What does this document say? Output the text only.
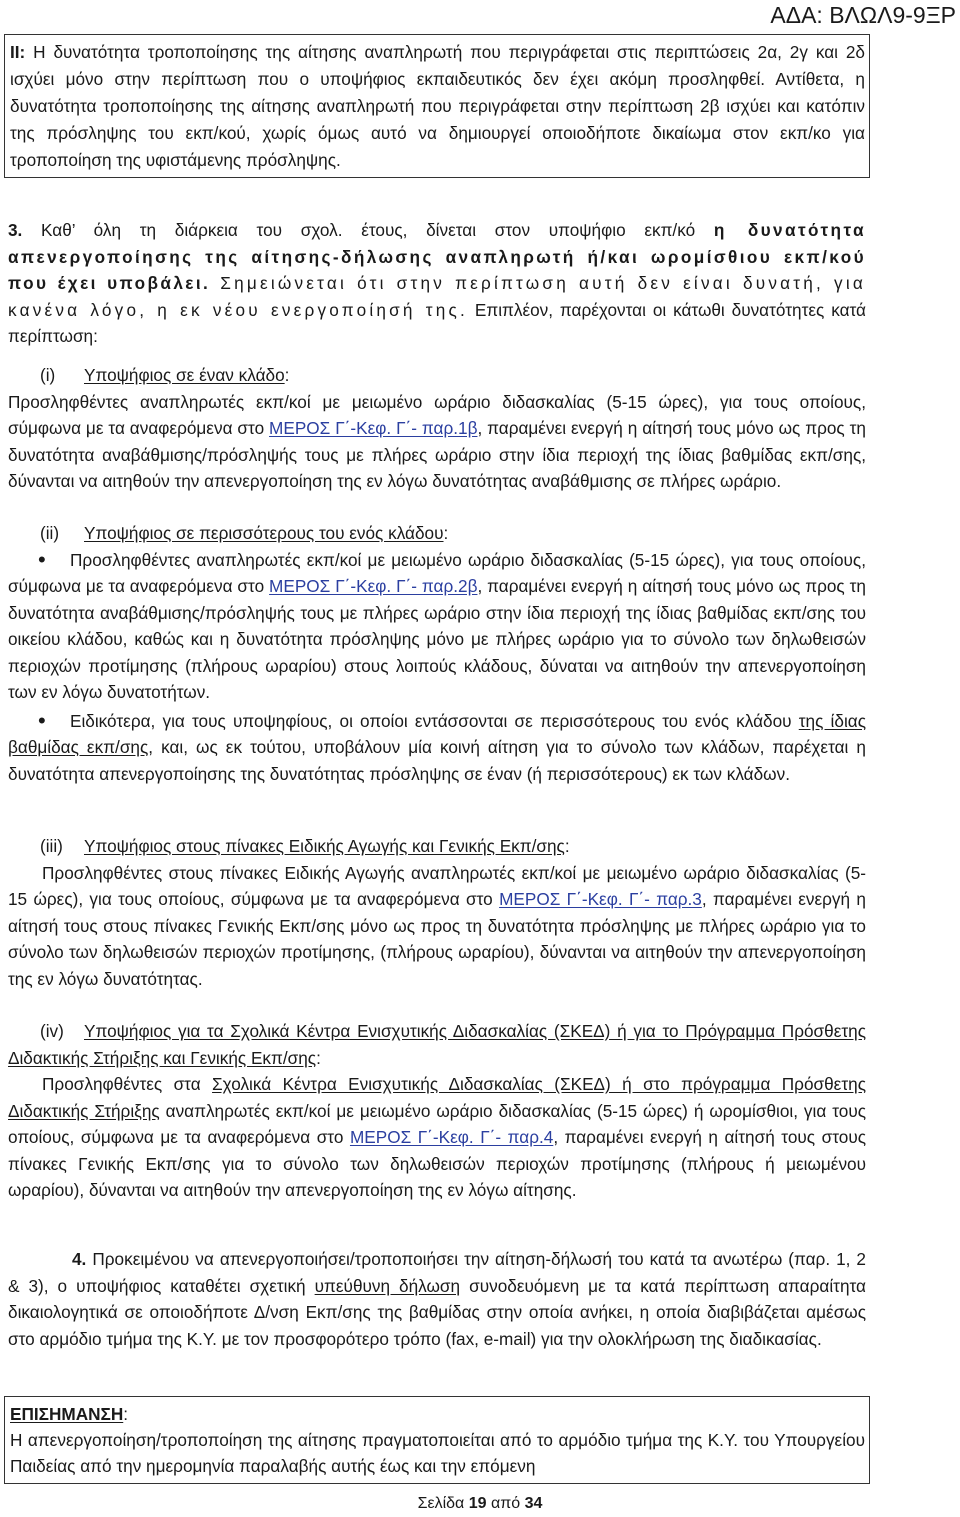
ΑΔΑ: ΒΛΩΛ9-9ΞΡ

ΙΙ: Η δυνατότητα τροποποίησης της αίτησης αναπληρωτή που περιγράφεται στις περιπτώσεις 2α, 2γ και 2δ ισχύει μόνο στην περίπτωση που ο υποψήφιος εκπαιδευτικός δεν έχει ακόμη προσληφθεί. Αντίθετα, η δυνατότητα τροποποίησης της αίτησης αναπληρωτή που περιγράφεται στην περίπτωση 2β ισχύει και κατόπιν της πρόσληψης του εκπ/κού, χωρίς όμως αυτό να δημιουργεί οποιοδήποτε δικαίωμα στον εκπ/κο για τροποποίηση της υφιστάμενης πρόσληψης.

3. Καθ’ όλη τη διάρκεια του σχολ. έτους, δίνεται στον υποψήφιο εκπ/κό η δυνατότητα απενεργοποίησης της αίτησης-δήλωσης αναπληρωτή ή/και ωρομίσθιου εκπ/κού που έχει υποβάλει. Σημειώνεται ότι στην περίπτωση αυτή δεν είναι δυνατή, για κανένα λόγο, η εκ νέου ενεργοποίησή της. Επιπλέον, παρέχονται οι κάτωθι δυνατότητες κατά περίπτωση:

(i) Υποψήφιος σε έναν κλάδο:

Προσληφθέντες αναπληρωτές εκπ/κοί με μειωμένο ωράριο διδασκαλίας (5-15 ώρες), για τους οποίους, σύμφωνα με τα αναφερόμενα στο ΜΕΡΟΣ Γ΄-Κεφ. Γ΄- παρ.1β, παραμένει ενεργή η αίτησή τους μόνο ως προς τη δυνατότητα αναβάθμισης/πρόσληψής τους με πλήρες ωράριο στην ίδια περιοχή της ίδιας βαθμίδας εκπ/σης, δύνανται να αιτηθούν την απενεργοποίηση της εν λόγω δυνατότητας αναβάθμισης σε πλήρες ωράριο.

(ii) Υποψήφιος σε περισσότερους του ενός κλάδου:

• Προσληφθέντες αναπληρωτές εκπ/κοί με μειωμένο ωράριο διδασκαλίας (5-15 ώρες), για τους οποίους, σύμφωνα με τα αναφερόμενα στο ΜΕΡΟΣ Γ΄-Κεφ. Γ΄- παρ.2β, παραμένει ενεργή η αίτησή τους μόνο ως προς τη δυνατότητα αναβάθμισης/πρόσληψής τους με πλήρες ωράριο στην ίδια περιοχή της ίδιας βαθμίδας εκπ/σης του οικείου κλάδου, καθώς και η δυνατότητα πρόσληψης μόνο με πλήρες ωράριο για το σύνολο των δηλωθεισών περιοχών προτίμησης (πλήρους ωραρίου) στους λοιπούς κλάδους, δύναται να αιτηθούν την απενεργοποίηση των εν λόγω δυνατοτήτων.

• Ειδικότερα, για τους υποψηφίους, οι οποίοι εντάσσονται σε περισσότερους του ενός κλάδου της ίδιας βαθμίδας εκπ/σης, και, ως εκ τούτου, υποβάλουν μία κοινή αίτηση για το σύνολο των κλάδων, παρέχεται η δυνατότητα απενεργοποίησης της δυνατότητας πρόσληψης σε έναν (ή περισσότερους) εκ των κλάδων.

(iii) Υποψήφιος στους πίνακες Ειδικής Αγωγής και Γενικής Εκπ/σης:

Προσληφθέντες στους πίνακες Ειδικής Αγωγής αναπληρωτές εκπ/κοί με μειωμένο ωράριο διδασκαλίας (5-15 ώρες), για τους οποίους, σύμφωνα με τα αναφερόμενα στο ΜΕΡΟΣ Γ΄-Κεφ. Γ΄- παρ.3, παραμένει ενεργή η αίτησή τους στους πίνακες Γενικής Εκπ/σης μόνο ως προς τη δυνατότητα πρόσληψης με πλήρες ωράριο για το σύνολο των δηλωθεισών περιοχών προτίμησης, (πλήρους ωραρίου), δύνανται να αιτηθούν την απενεργοποίηση της εν λόγω δυνατότητας.

(iv) Υποψήφιος για τα Σχολικά Κέντρα Ενισχυτικής Διδασκαλίας (ΣΚΕΔ) ή για το Πρόγραμμα Πρόσθετης Διδακτικής Στήριξης και Γενικής Εκπ/σης:

Προσληφθέντες στα Σχολικά Κέντρα Ενισχυτικής Διδασκαλίας (ΣΚΕΔ) ή στο πρόγραμμα Πρόσθετης Διδακτικής Στήριξης αναπληρωτές εκπ/κοί με μειωμένο ωράριο διδασκαλίας (5-15 ώρες) ή ωρομίσθιοι, για τους οποίους, σύμφωνα με τα αναφερόμενα στο ΜΕΡΟΣ Γ΄-Κεφ. Γ΄- παρ.4, παραμένει ενεργή η αίτησή τους στους πίνακες Γενικής Εκπ/σης για το σύνολο των δηλωθεισών περιοχών προτίμησης (πλήρους ή μειωμένου ωραρίου), δύνανται να αιτηθούν την απενεργοποίηση της εν λόγω αίτησης.

4. Προκειμένου να απενεργοποιήσει/τροποποιήσει την αίτηση-δήλωσή του κατά τα ανωτέρω (παρ. 1, 2 & 3), ο υποψήφιος καταθέτει σχετική υπεύθυνη δήλωση συνοδευόμενη με τα κατά περίπτωση απαραίτητα δικαιολογητικά σε οποιοδήποτε Δ/νση Εκπ/σης της βαθμίδας στην οποία ανήκει, η οποία διαβιβάζεται αμέσως στο αρμόδιο τμήμα της Κ.Υ. με τον προσφορότερο τρόπο (fax, e-mail) για την ολοκλήρωση της διαδικασίας.

ΕΠΙΣΗΜΑΝΣΗ:

Η απενεργοποίηση/τροποποίηση της αίτησης πραγματοποιείται από το αρμόδιο τμήμα της Κ.Υ. του Υπουργείου Παιδείας από την ημερομηνία παραλαβής αυτής έως και την επόμενη

Σελίδα 19 από 34
